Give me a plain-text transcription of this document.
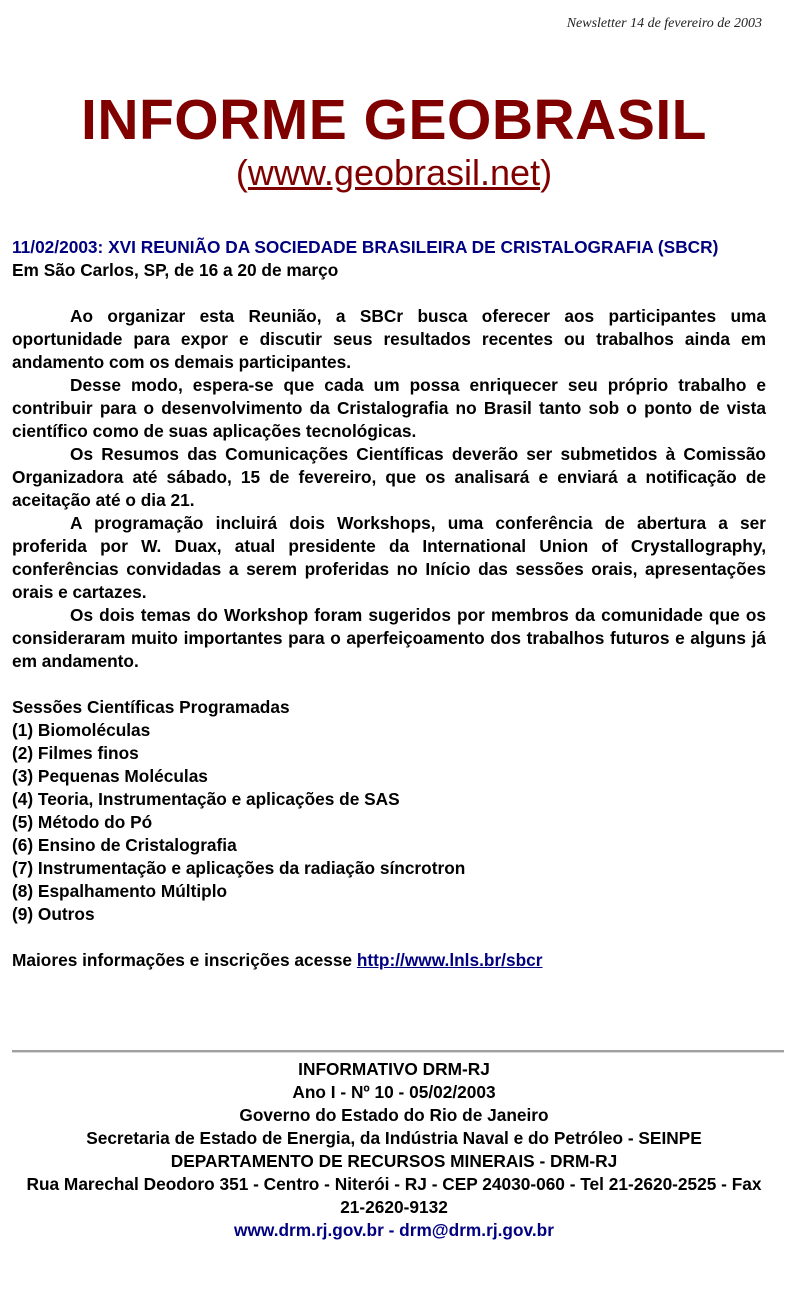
Newsletter 14 de fevereiro de 2003
INFORME GEOBRASIL
(www.geobrasil.net)

11/02/2003: XVI REUNIÃO DA SOCIEDADE BRASILEIRA DE CRISTALOGRAFIA (SBCR)

Em São Carlos, SP, de 16 a 20 de março

Ao organizar esta Reunião, a SBCr busca oferecer aos participantes uma oportunidade para expor e discutir seus resultados recentes ou trabalhos ainda em andamento com os demais participantes.

Desse modo, espera-se que cada um possa enriquecer seu próprio trabalho e contribuir para o desenvolvimento da Cristalografia no Brasil tanto sob o ponto de vista científico como de suas aplicações tecnológicas.

Os Resumos das Comunicações Científicas deverão ser submetidos à Comissão Organizadora até sábado, 15 de fevereiro, que os analisará e enviará a notificação de aceitação até o dia 21.

A programação incluirá dois Workshops, uma conferência de abertura a ser proferida por W. Duax, atual presidente da International Union of Crystallography, conferências convidadas a serem proferidas no Início das sessões orais, apresentações orais e cartazes.

Os dois temas do Workshop foram sugeridos por membros da comunidade que os consideraram muito importantes para o aperfeiçoamento dos trabalhos futuros e alguns já em andamento.

Sessões Científicas Programadas
(1) Biomoléculas
(2) Filmes finos
(3) Pequenas Moléculas
(4) Teoria, Instrumentação e aplicações de SAS
(5) Método do Pó
(6) Ensino de Cristalografia
(7) Instrumentação e aplicações da radiação síncrotron
(8) Espalhamento Múltiplo
(9) Outros
Maiores informações e inscrições acesse http://www.lnls.br/sbcr
INFORMATIVO DRM-RJ
Ano I - Nº 10 - 05/02/2003
Governo do Estado do Rio de Janeiro
Secretaria de Estado de Energia, da Indústria Naval e do Petróleo - SEINPE
DEPARTAMENTO DE RECURSOS MINERAIS - DRM-RJ
Rua Marechal Deodoro 351 - Centro - Niterói - RJ - CEP 24030-060 - Tel 21-2620-2525 - Fax 21-2620-9132
www.drm.rj.gov.br - drm@drm.rj.gov.br
